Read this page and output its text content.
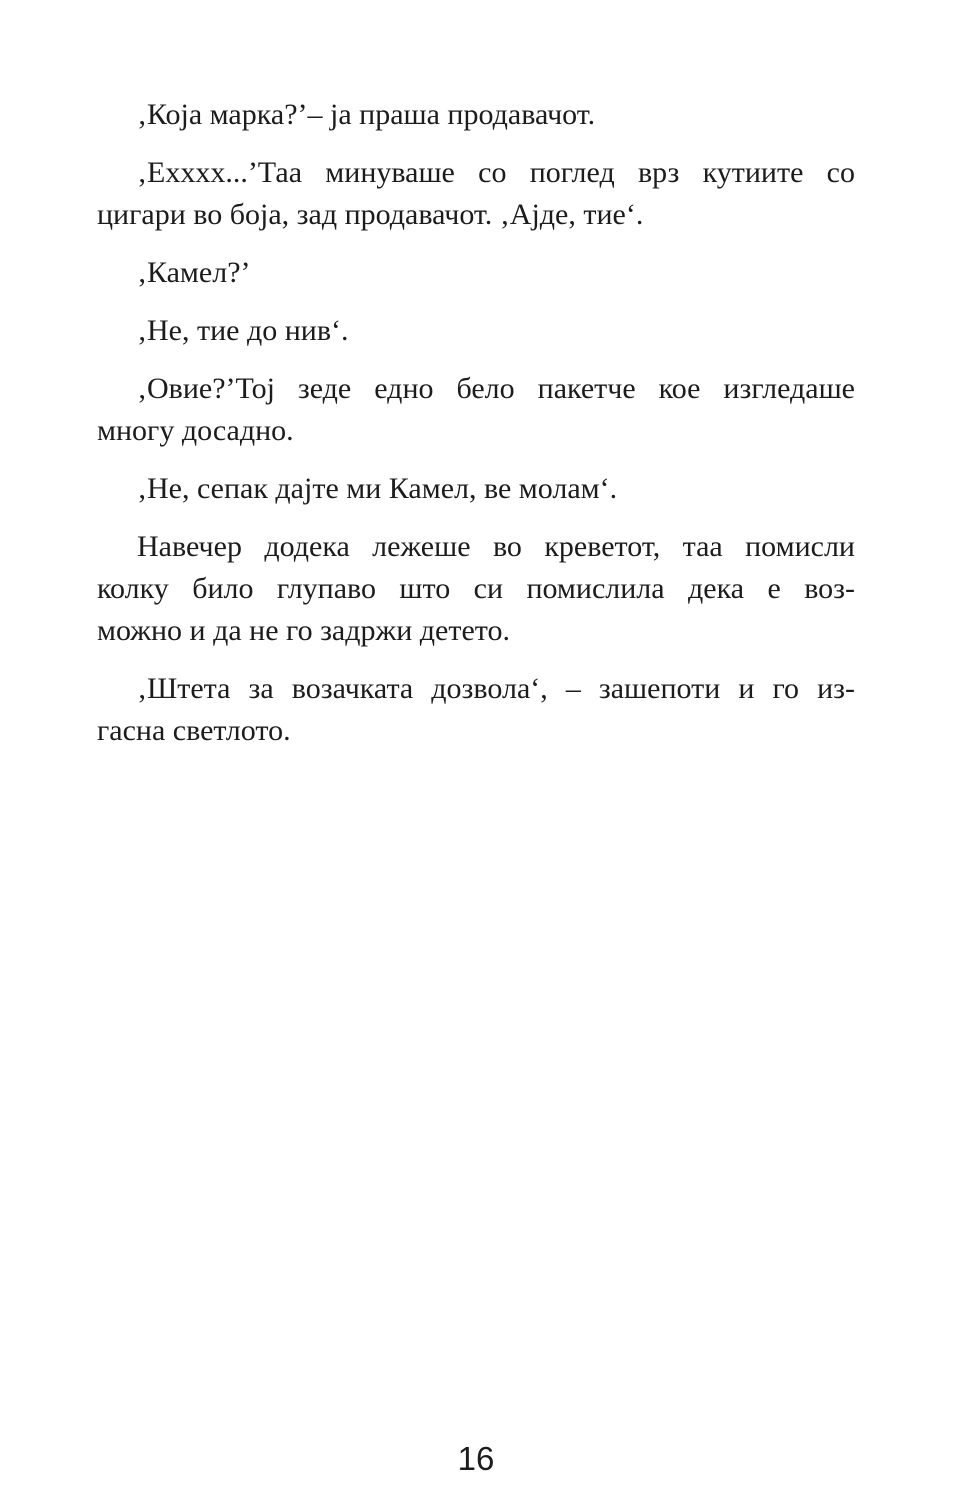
‚Која марка?’– ја праша продавачот.

‚Еxxxx...’Таа минуваше со поглед врз кутиите со
цигари во боја, зад продавачот. ‚Ајде, тие‘.

‚Камел?’

‚Не, тие до нив‘.

‚Овие?’Тој зеде едно бело пакетче кое изгледаше
многу досадно.

‚Не, сепак дајте ми Камел, ве молам‘.

Навечер додека лежеше во креветот, таа помисли
колку било глупаво што си помислила дека е воз-
можно и да не го задржи детето.

‚Штета за возачката дозвола‘, – зашепоти и го из-
гасна светлото.

16
